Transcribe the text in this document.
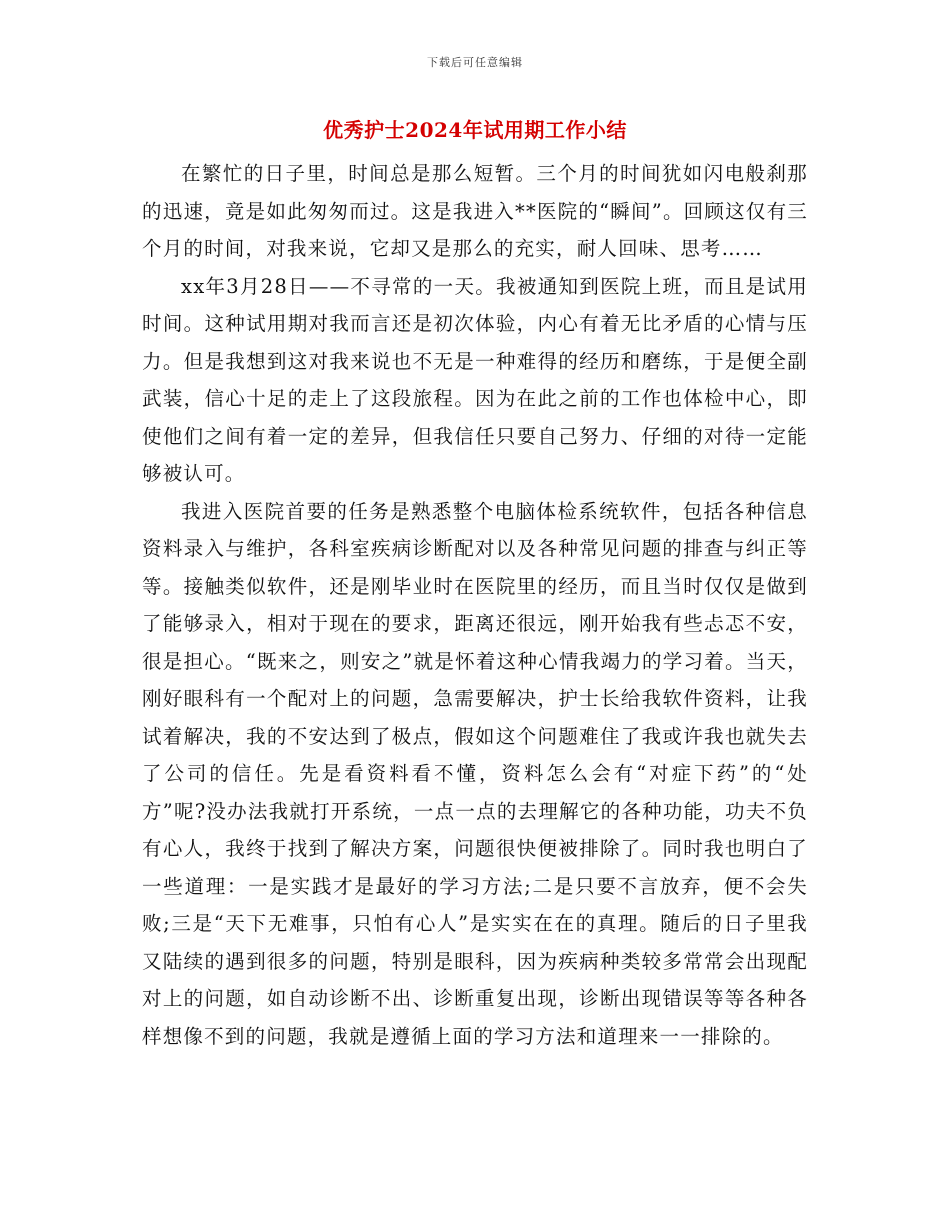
下载后可任意编辑
优秀护士2024年试用期工作小结

在繁忙的日子里，时间总是那么短暂。三个月的时间犹如闪电般刹那的迅速，竟是如此匆匆而过。这是我进入**医院的“瞬间”。回顾这仅有三个月的时间，对我来说，它却又是那么的充实，耐人回味、思考……

xx年3月28日——不寻常的一天。我被通知到医院上班，而且是试用时间。这种试用期对我而言还是初次体验，内心有着无比矛盾的心情与压力。但是我想到这对我来说也不无是一种难得的经历和磨练，于是便全副武装，信心十足的走上了这段旅程。因为在此之前的工作也体检中心，即使他们之间有着一定的差异，但我信任只要自己努力、仔细的对待一定能够被认可。

我进入医院首要的任务是熟悉整个电脑体检系统软件，包括各种信息资料录入与维护，各科室疾病诊断配对以及各种常见问题的排查与纠正等等。接触类似软件，还是刚毕业时在医院里的经历，而且当时仅仅是做到了能够录入，相对于现在的要求，距离还很远，刚开始我有些忐忑不安，很是担心。“既来之，则安之”就是怀着这种心情我竭力的学习着。当天，刚好眼科有一个配对上的问题，急需要解决，护士长给我软件资料，让我试着解决，我的不安达到了极点，假如这个问题难住了我或许我也就失去了公司的信任。先是看资料看不懂，资料怎么会有“对症下药”的“处方”呢?没办法我就打开系统，一点一点的去理解它的各种功能，功夫不负有心人，我终于找到了解决方案，问题很快便被排除了。同时我也明白了一些道理：一是实践才是最好的学习方法;二是只要不言放弃，便不会失败;三是“天下无难事，只怕有心人”是实实在在的真理。随后的日子里我又陆续的遇到很多的问题，特别是眼科，因为疾病种类较多常常会出现配对上的问题，如自动诊断不出、诊断重复出现，诊断出现错误等等各种各样想像不到的问题，我就是遵循上面的学习方法和道理来一一排除的。
